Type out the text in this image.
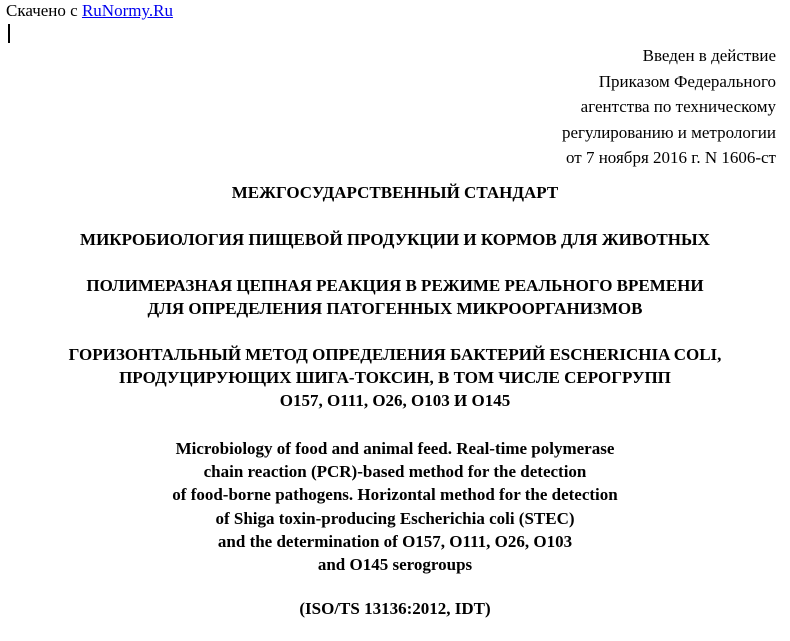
Скачено с RuNormy.Ru
Введен в действие
Приказом Федерального
агентства по техническому
регулированию и метрологии
от 7 ноября 2016 г. N 1606-ст
МЕЖГОСУДАРСТВЕННЫЙ СТАНДАРТ
МИКРОБИОЛОГИЯ ПИЩЕВОЙ ПРОДУКЦИИ И КОРМОВ ДЛЯ ЖИВОТНЫХ
ПОЛИМЕРАЗНАЯ ЦЕПНАЯ РЕАКЦИЯ В РЕЖИМЕ РЕАЛЬНОГО ВРЕМЕНИ
ДЛЯ ОПРЕДЕЛЕНИЯ ПАТОГЕННЫХ МИКРООРГАНИЗМОВ
ГОРИЗОНТАЛЬНЫЙ МЕТОД ОПРЕДЕЛЕНИЯ БАКТЕРИЙ ESCHERICHIA COLI,
ПРОДУЦИРУЮЩИХ ШИГА-ТОКСИН, В ТОМ ЧИСЛЕ СЕРОГРУПП
O157, O111, O26, O103 И O145
Microbiology of food and animal feed. Real-time polymerase
chain reaction (PCR)-based method for the detection
of food-borne pathogens. Horizontal method for the detection
of Shiga toxin-producing Escherichia coli (STEC)
and the determination of O157, O111, O26, O103
and O145 serogroups
(ISO/TS 13136:2012, IDT)
